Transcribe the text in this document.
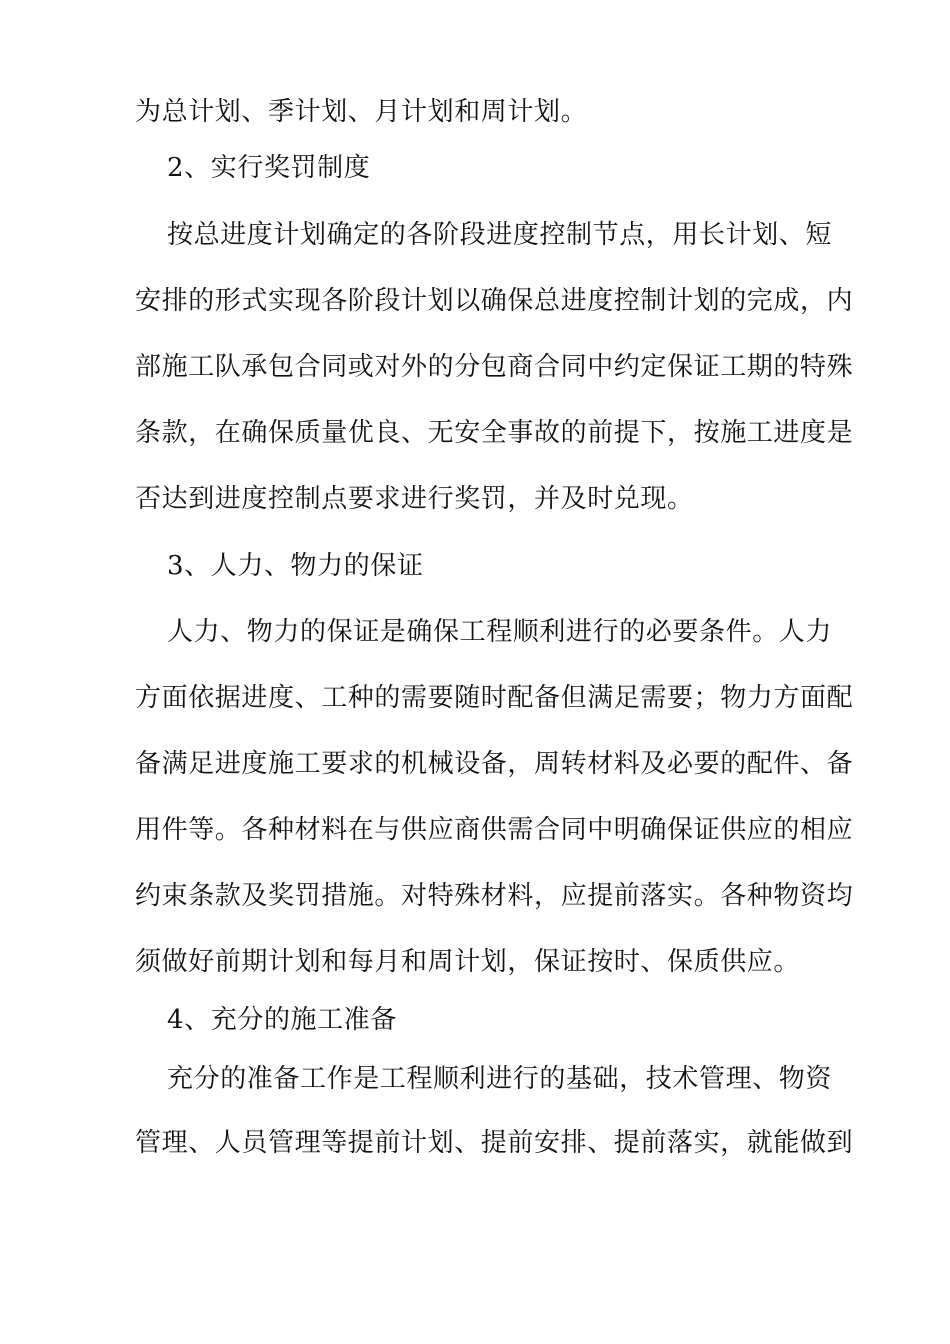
为总计划、季计划、月计划和周计划。
2、实行奖罚制度
按总进度计划确定的各阶段进度控制节点，用长计划、短
安排的形式实现各阶段计划以确保总进度控制计划的完成，内
部施工队承包合同或对外的分包商合同中约定保证工期的特殊
条款，在确保质量优良、无安全事故的前提下，按施工进度是
否达到进度控制点要求进行奖罚，并及时兑现。
3、人力、物力的保证
人力、物力的保证是确保工程顺利进行的必要条件。人力
方面依据进度、工种的需要随时配备但满足需要；物力方面配
备满足进度施工要求的机械设备，周转材料及必要的配件、备
用件等。各种材料在与供应商供需合同中明确保证供应的相应
约束条款及奖罚措施。对特殊材料，应提前落实。各种物资均
须做好前期计划和每月和周计划，保证按时、保质供应。
4、充分的施工准备
充分的准备工作是工程顺利进行的基础，技术管理、物资
管理、人员管理等提前计划、提前安排、提前落实，就能做到
